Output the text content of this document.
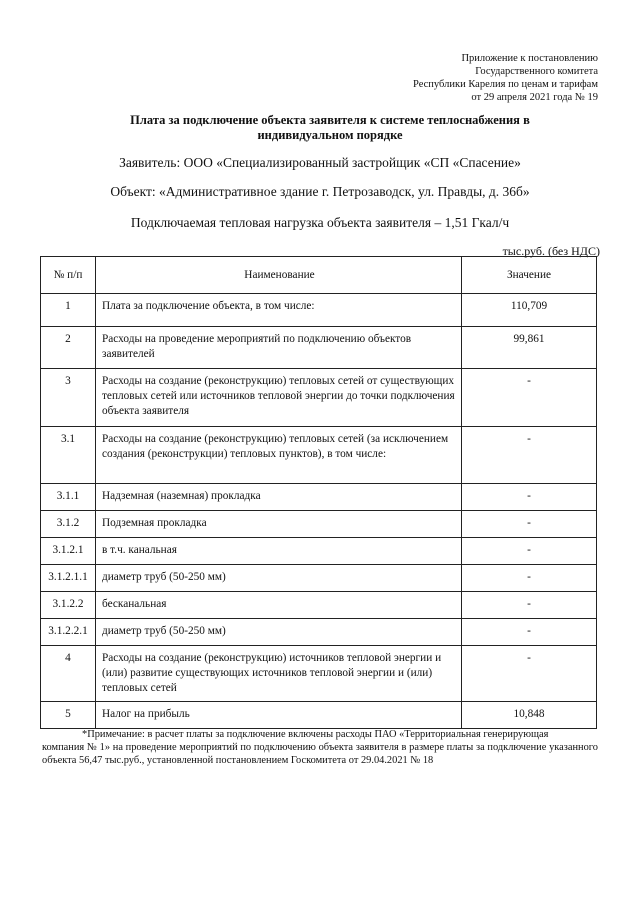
Приложение к постановлению
Государственного комитета
Республики Карелия по ценам и тарифам
от 29 апреля 2021 года № 19
Плата за подключение объекта заявителя к системе теплоснабжения в индивидуальном порядке
Заявитель: ООО «Специализированный застройщик «СП «Спасение»
Объект: «Административное здание г. Петрозаводск, ул. Правды, д. 36б»
Подключаемая тепловая нагрузка объекта заявителя – 1,51 Гкал/ч
тыс.руб. (без НДС)
№ п/п	Наименование	Значение
1	Плата за подключение объекта, в том числе:	110,709
2	Расходы на проведение мероприятий по подключению объектов заявителей	99,861
3	Расходы на создание (реконструкцию) тепловых сетей от существующих тепловых сетей или источников тепловой энергии до точки подключения объекта заявителя	-
3.1	Расходы на создание (реконструкцию) тепловых сетей (за исключением создания (реконструкции) тепловых пунктов), в том числе:	-
3.1.1	Надземная (наземная) прокладка	-
3.1.2	Подземная прокладка	-
3.1.2.1	в т.ч. канальная	-
3.1.2.1.1	диаметр труб (50-250 мм)	-
3.1.2.2	бесканальная	-
3.1.2.2.1	диаметр труб (50-250 мм)	-
4	Расходы на создание (реконструкцию) источников тепловой энергии и (или) развитие существующих источников тепловой энергии и (или) тепловых сетей	-
5	Налог на прибыль	10,848
*Примечание: в расчет платы за подключение включены расходы ПАО «Территориальная генерирующая
компания № 1» на проведение мероприятий по подключению объекта заявителя в размере платы за подключение указанного объекта 56,47 тыс.руб., установленной постановлением Госкомитета от 29.04.2021 № 18
